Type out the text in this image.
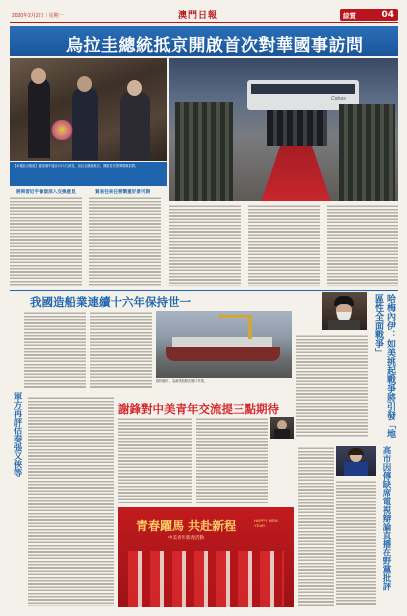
2020年2月2日｜星期一	澳門日報	綜質	04
烏拉圭總統抵京開啟首次對華國事訪問
Cotrus
【本報綜合報道】據香港中通社2月1日消息，烏拉圭總統抵京，開啟首次對華國事訪問。
將與習近平會談深入交換意見	貿易往來任務繁重好景可期
我國造船業連續十六年保持世一
資料圖片，為新造船舶在港口作業。
軍方再評估奏張又俠等	哈梅內伊：如美挑起戰爭將引發「地區性全面戰爭」
謝鋒對中美青年交流提三點期待
青春躍馬 共赴新程	HAPPY NEW YEAR
中美青年新春活動	高市因傳缺席電視辯論直播在野黨批評
